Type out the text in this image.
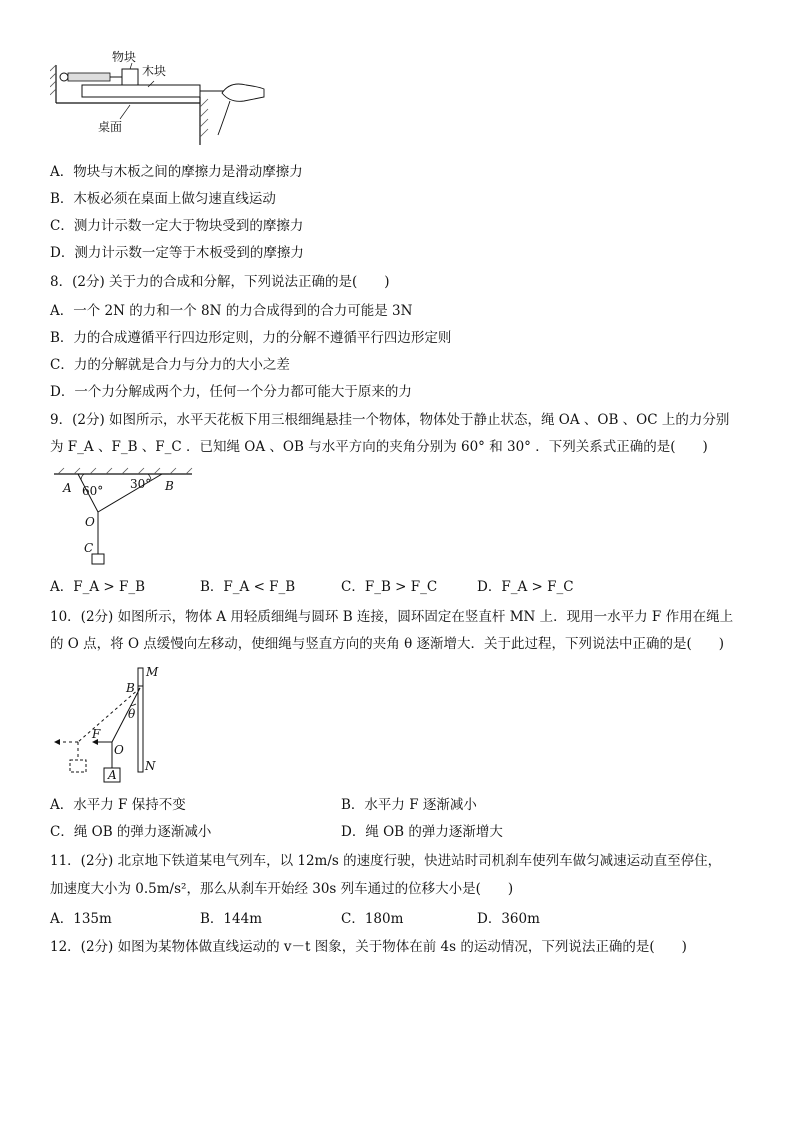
物块
木块
桌面
A．物块与木板之间的摩擦力是滑动摩擦力
B．木板必须在桌面上做匀速直线运动
C．测力计示数一定大于物块受到的摩擦力
D．测力计示数一定等于木板受到的摩擦力
8．(2分) 关于力的合成和分解，下列说法正确的是(　　)
A．一个 2N 的力和一个 8N 的力合成得到的合力可能是 3N
B．力的合成遵循平行四边形定则，力的分解不遵循平行四边形定则
C．力的分解就是合力与分力的大小之差
D．一个力分解成两个力，任何一个分力都可能大于原来的力
9．(2分) 如图所示，水平天花板下用三根细绳悬挂一个物体，物体处于静止状态，绳 OA 、OB 、OC 上的力分别
为 F_A 、F_B 、F_C ．已知绳 OA 、OB 与水平方向的夹角分别为 60° 和 30° ．下列关系式正确的是(　　)
A 60° 30° B
O
C
A．F_A > F_B	B．F_A < F_B	C．F_B > F_C	D．F_A > F_C
10．(2分) 如图所示，物体 A 用轻质细绳与圆环 B 连接，圆环固定在竖直杆 MN 上．现用一水平力 F 作用在绳上
的 O 点，将 O 点缓慢向左移动，使细绳与竖直方向的夹角 θ 逐渐增大．关于此过程，下列说法中正确的是(　　)
M
B
θ
F
O
A
N
A．水平力 F 保持不变	B．水平力 F 逐渐减小
C．绳 OB 的弹力逐渐减小	D．绳 OB 的弹力逐渐增大
11．(2分) 北京地下铁道某电气列车，以 12m/s 的速度行驶，快进站时司机刹车使列车做匀减速运动直至停住，
加速度大小为 0.5m/s²，那么从刹车开始经 30s 列车通过的位移大小是(　　)
A．135m	B．144m	C．180m	D．360m
12．(2分) 如图为某物体做直线运动的 v－t 图象，关于物体在前 4s 的运动情况，下列说法正确的是(　　)
